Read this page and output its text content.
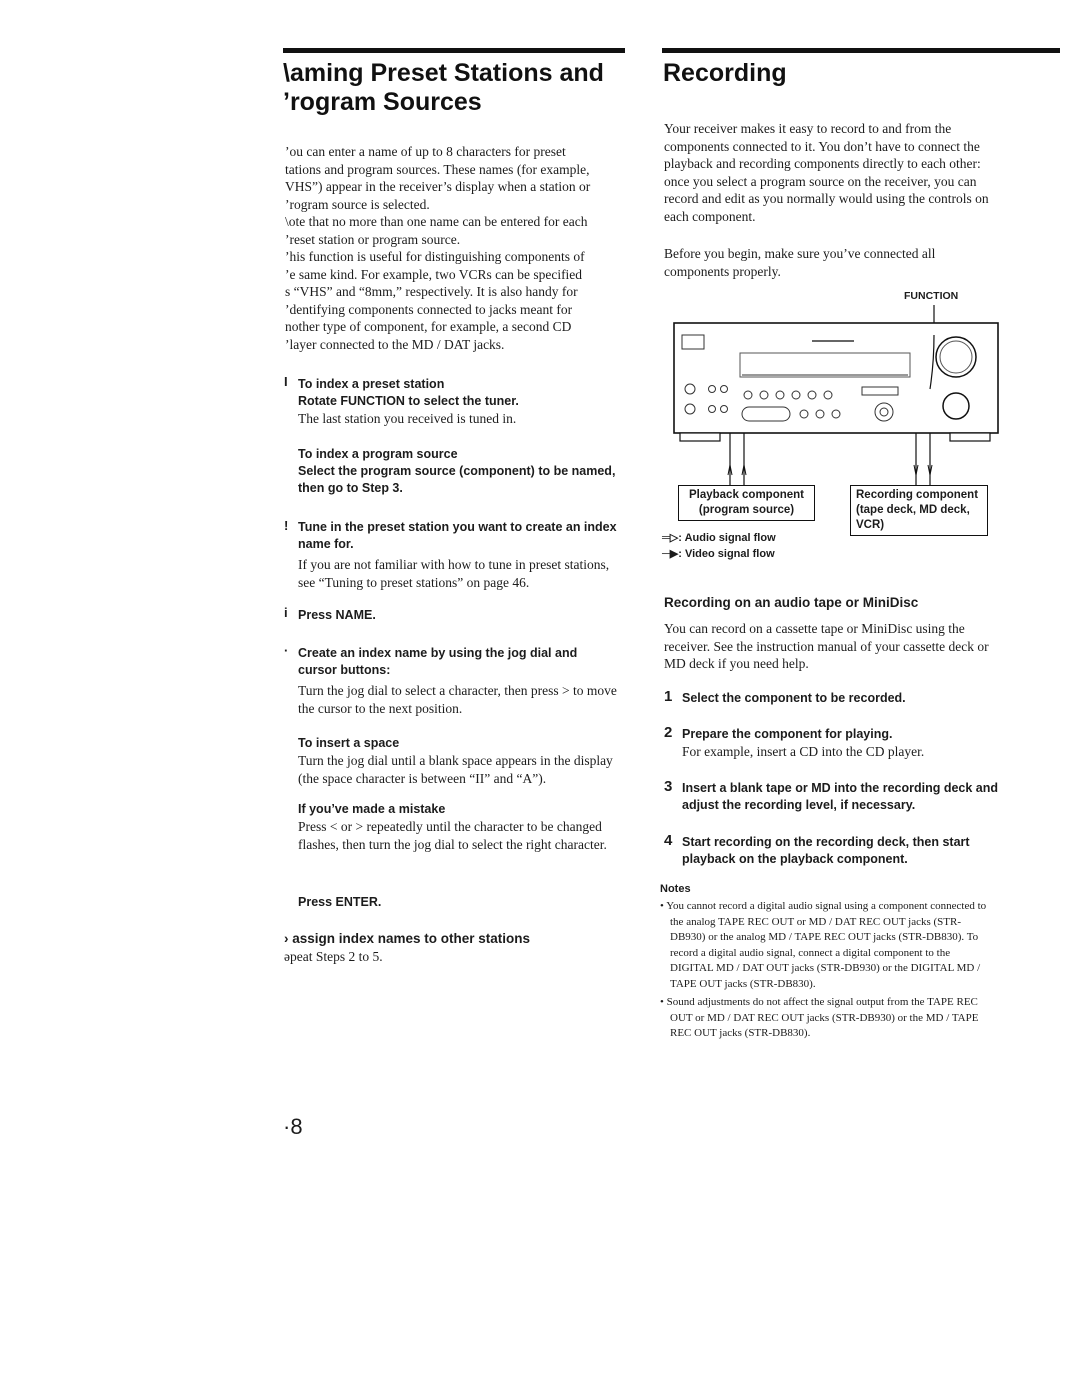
\aming Preset Stations and
’rogram Sources

’ou can enter a name of up to 8 characters for preset

tations and program sources. These names (for example,

VHS”) appear in the receiver’s display when a station or

’rogram source is selected.

\ote that no more than one name can be entered for each

’reset station or program source.

’his function is useful for distinguishing components of

’e same kind. For example, two VCRs can be specified

s “VHS” and “8mm,” respectively. It is also handy for

’dentifying components connected to jacks meant for

nother type of component, for example, a second CD

’layer connected to the MD / DAT jacks.

I To index a preset station

Rotate FUNCTION to select the tuner.

The last station you received is tuned in.

To index a program source

Select the program source (component) to be named, then go to Step 3.

! Tune in the preset station you want to create an index name for.

If you are not familiar with how to tune in preset stations, see “Tuning to preset stations” on page 46.

i Press NAME.

· Create an index name by using the jog dial and cursor buttons:

Turn the jog dial to select a character, then press > to move the cursor to the next position.

To insert a space

Turn the jog dial until a blank space appears in the display (the space character is between “II” and “A”).

If you’ve made a mistake

Press < or > repeatedly until the character to be changed flashes, then turn the jog dial to select the right character.

Press ENTER.

› assign index names to other stations

əpeat Steps 2 to 5.

·8
Recording

Your receiver makes it easy to record to and from the components connected to it. You don’t have to connect the playback and recording components directly to each other: once you select a program source on the receiver, you can record and edit as you normally would using the controls on each component.

Before you begin, make sure you’ve connected all components properly.

FUNCTION
Playback component (program source)
Recording component (tape deck, MD deck, VCR)
═▷: Audio signal flow
─▶: Video signal flow

Recording on an audio tape or MiniDisc

You can record on a cassette tape or MiniDisc using the receiver. See the instruction manual of your cassette deck or MD deck if you need help.

1 Select the component to be recorded.

2 Prepare the component for playing.

For example, insert a CD into the CD player.

3 Insert a blank tape or MD into the recording deck and adjust the recording level, if necessary.

4 Start recording on the recording deck, then start playback on the playback component.

Notes

• You cannot record a digital audio signal using a component connected to the analog TAPE REC OUT or MD / DAT REC OUT jacks (STR-DB930) or the analog MD / TAPE REC OUT jacks (STR-DB830). To record a digital audio signal, connect a digital component to the DIGITAL MD / DAT OUT jacks (STR-DB930) or the DIGITAL MD / TAPE OUT jacks (STR-DB830).

• Sound adjustments do not affect the signal output from the TAPE REC OUT or MD / DAT REC OUT jacks (STR-DB930) or the MD / TAPE REC OUT jacks (STR-DB830).
